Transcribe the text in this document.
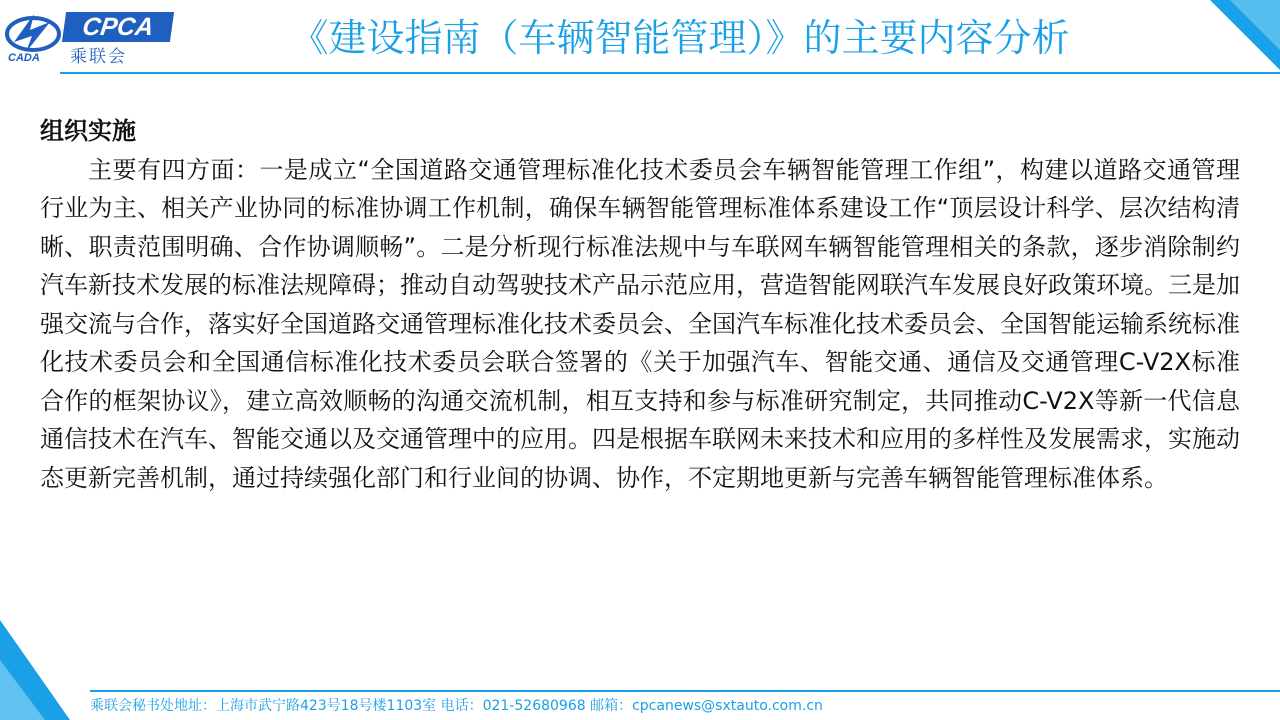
CADA
CPCA
乘联会	《建设指南（车辆智能管理）》的主要内容分析

组织实施

主要有四方面：一是成立“全国道路交通管理标准化技术委员会车辆智能管理工作组”，构建以道路交通管理行业为主、相关产业协同的标准协调工作机制，确保车辆智能管理标准体系建设工作“顶层设计科学、层次结构清晰、职责范围明确、合作协调顺畅”。二是分析现行标准法规中与车联网车辆智能管理相关的条款，逐步消除制约汽车新技术发展的标准法规障碍；推动自动驾驶技术产品示范应用，营造智能网联汽车发展良好政策环境。三是加强交流与合作，落实好全国道路交通管理标准化技术委员会、全国汽车标准化技术委员会、全国智能运输系统标准化技术委员会和全国通信标准化技术委员会联合签署的《关于加强汽车、智能交通、通信及交通管理C-V2X标准合作的框架协议》，建立高效顺畅的沟通交流机制，相互支持和参与标准研究制定，共同推动C-V2X等新一代信息通信技术在汽车、智能交通以及交通管理中的应用。四是根据车联网未来技术和应用的多样性及发展需求，实施动态更新完善机制，通过持续强化部门和行业间的协调、协作，不定期地更新与完善车辆智能管理标准体系。

乘联会秘书处地址：上海市武宁路423号18号楼1103室 电话：021-52680968 邮箱：cpcanews@sxtauto.com.cn
